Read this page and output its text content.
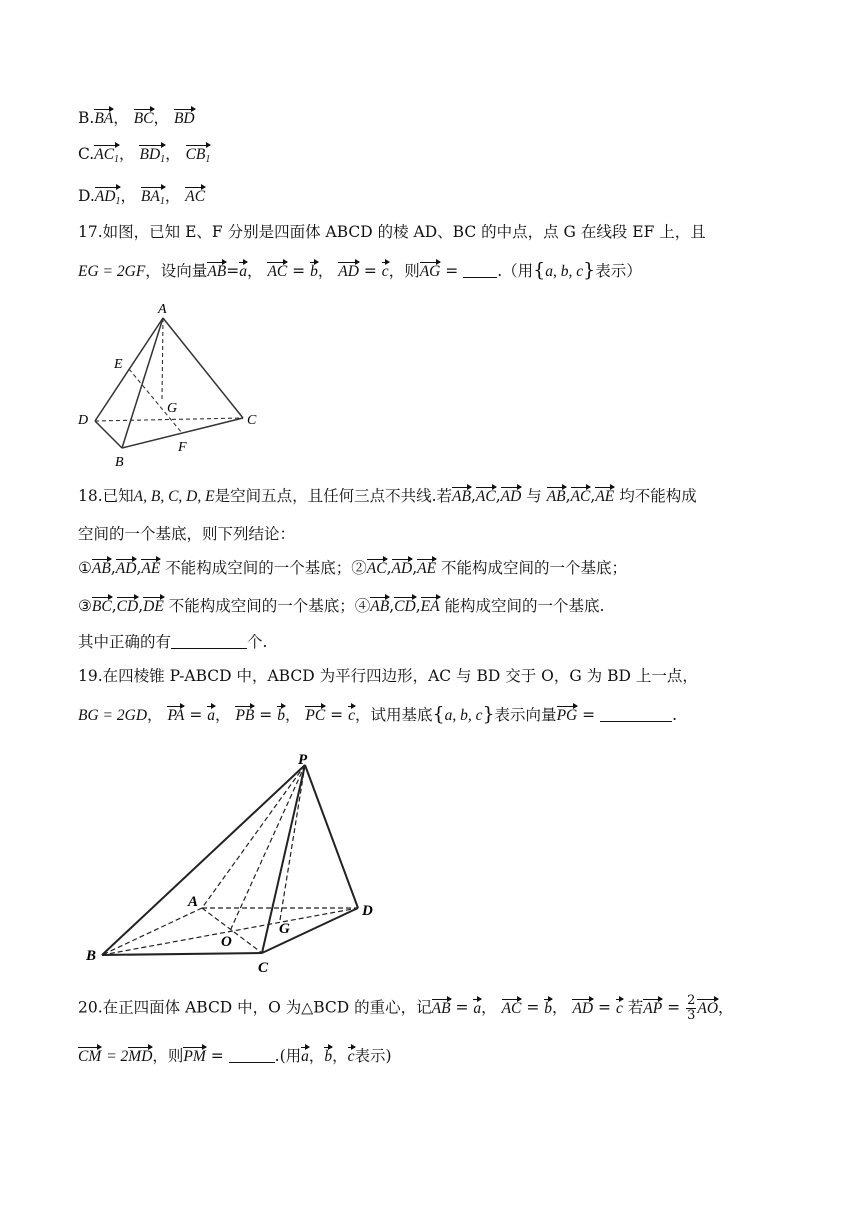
B.BA， BC， BD
$C.AC_1$， $BD_1$， $CB_1$
$D.AD_1$， $BA_1$， AC
17.如图，已知 E、F 分别是四面体 ABCD 的棱 AD、BC 的中点，点 G 在线段 EF 上，且
EG = 2GF，设向量AB=a， AC = b， AD = c，则AG = .（用{a, b, c}表示）
A
E
G
D	C
B
F
18.已知A, B, C, D, E是空间五点，且任何三点不共线.若AB,AC,AD 与 AB,AC,AE 均不能构成
空间的一个基底，则下列结论：
①AB,AD,AE 不能构成空间的一个基底；②AC,AD,AE 不能构成空间的一个基底；
③BC,CD,DE 不能构成空间的一个基底；④AB,CD,EA 能构成空间的一个基底.
其中正确的有	个.
19.在四棱锥 P-ABCD 中，ABCD 为平行四边形，AC 与 BD 交于 O，G 为 BD 上一点，
BG = 2GD， PA = a， PB = b， PC = c，试用基底{a, b, c}表示向量PG =	.
P
A
D
G
O
B
C
20.在正四面体 ABCD 中，O 为△BCD 的重心，记AB = a， AC = b， AD = c 若AP = $\frac{2}{3}$ AO，
CM = 2MD，则PM =	.(用a，b，c表示)
